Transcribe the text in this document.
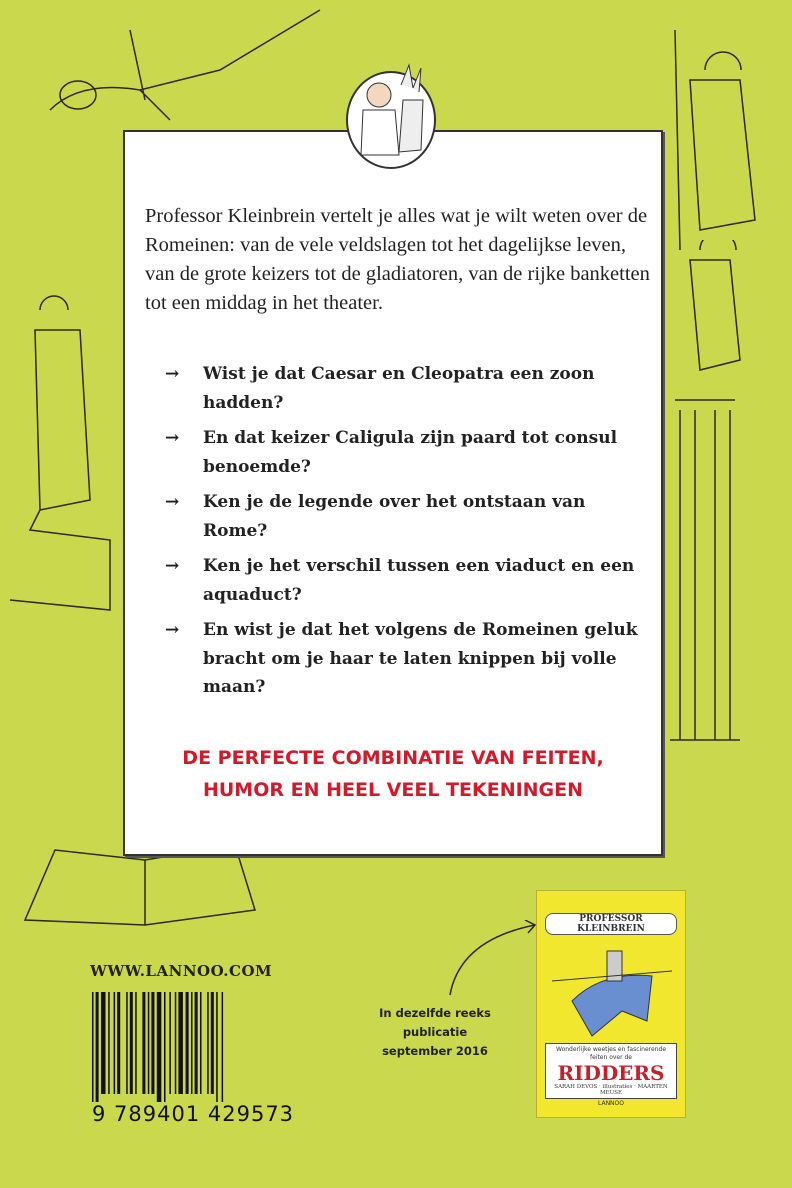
Professor Kleinbrein vertelt je alles wat je wilt weten over de Romeinen: van de vele veldslagen tot het dagelijkse leven, van de grote keizers tot de gladiatoren, van de rijke banketten tot een middag in het theater.

→ Wist je dat Caesar en Cleopatra een zoon hadden?
→ En dat keizer Caligula zijn paard tot consul benoemde?
→ Ken je de legende over het ontstaan van Rome?
→ Ken je het verschil tussen een viaduct en een aquaduct?
→ En wist je dat het volgens de Romeinen geluk bracht om je haar te laten knippen bij volle maan?
DE PERFECTE COMBINATIE VAN FEITEN,
HUMOR EN HEEL VEEL TEKENINGEN
WWW.LANNOO.COM
9 789401 429573
In dezelfde reeks
publicatie
september 2016
PROFESSOR KLEINBREIN
Wonderlijke weetjes en fascinerende feiten over de
RIDDERS
SARAH DEVOS · illustraties · MAARTEN MEUSE
LANNOO
